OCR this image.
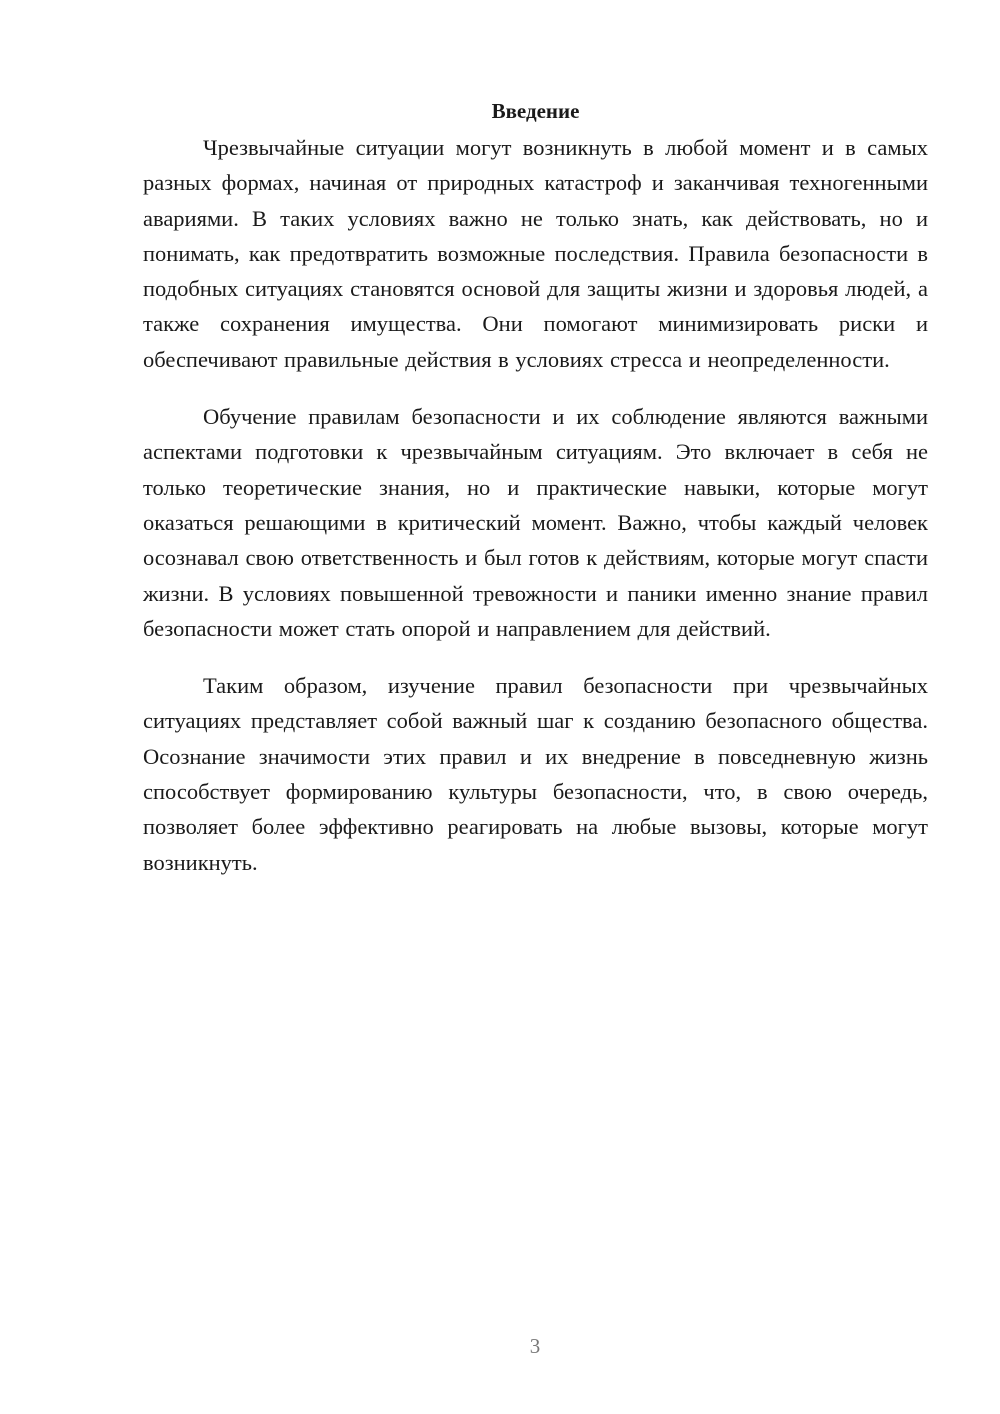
Введение

Чрезвычайные ситуации могут возникнуть в любой момент и в самых разных формах, начиная от природных катастроф и заканчивая техногенными авариями. В таких условиях важно не только знать, как действовать, но и понимать, как предотвратить возможные последствия. Правила безопасности в подобных ситуациях становятся основой для защиты жизни и здоровья людей, а также сохранения имущества. Они помогают минимизировать риски и обеспечивают правильные действия в условиях стресса и неопределенности.

Обучение правилам безопасности и их соблюдение являются важными аспектами подготовки к чрезвычайным ситуациям. Это включает в себя не только теоретические знания, но и практические навыки, которые могут оказаться решающими в критический момент. Важно, чтобы каждый человек осознавал свою ответственность и был готов к действиям, которые могут спасти жизни. В условиях повышенной тревожности и паники именно знание правил безопасности может стать опорой и направлением для действий.

Таким образом, изучение правил безопасности при чрезвычайных ситуациях представляет собой важный шаг к созданию безопасного общества. Осознание значимости этих правил и их внедрение в повседневную жизнь способствует формированию культуры безопасности, что, в свою очередь, позволяет более эффективно реагировать на любые вызовы, которые могут возникнуть.

3
